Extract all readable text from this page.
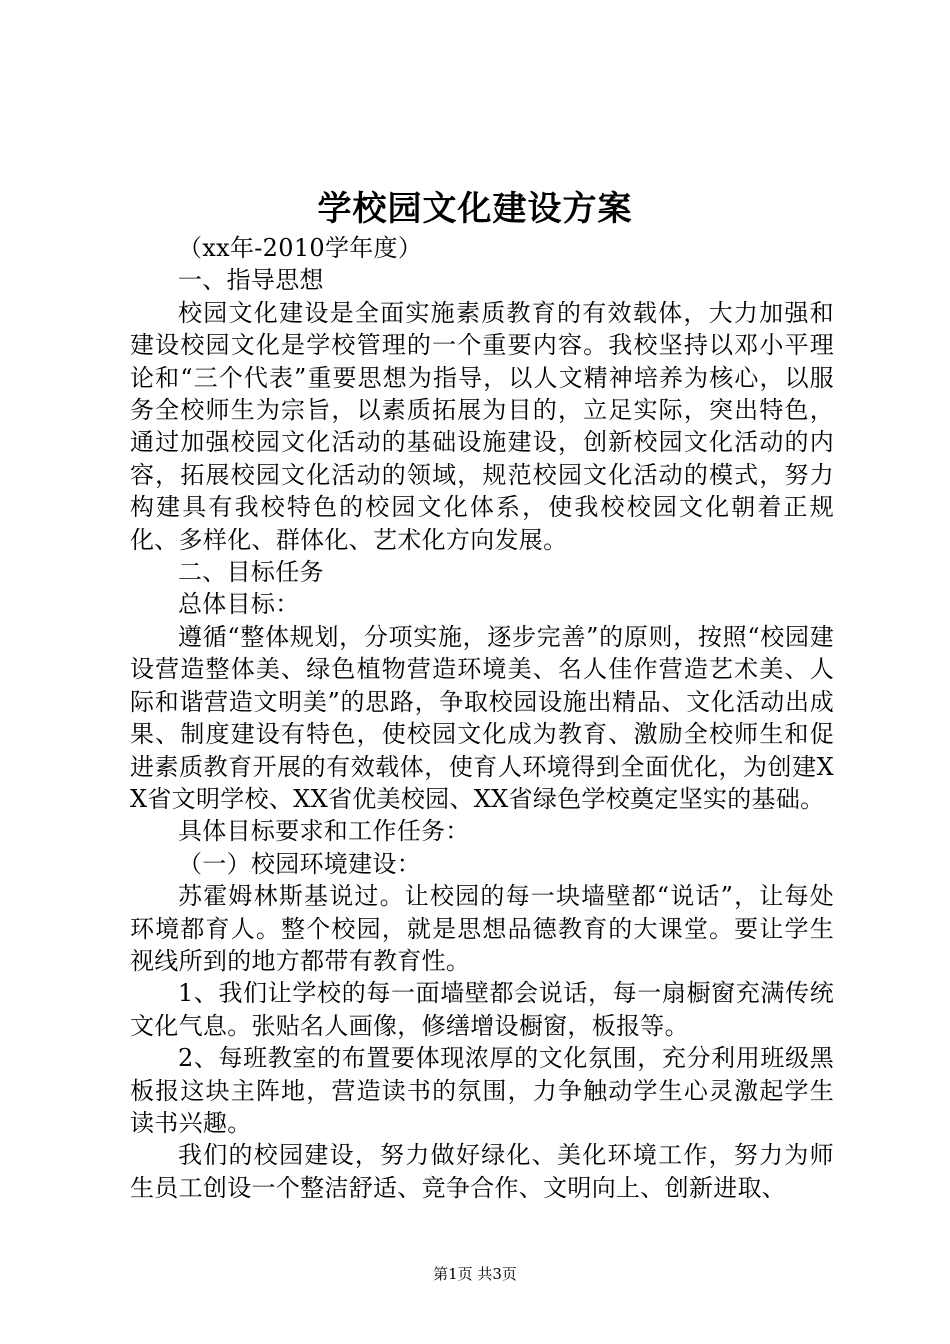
学校园文化建设方案

（xx年-2010学年度）

一、指导思想

校园文化建设是全面实施素质教育的有效载体，大力加强和建设校园文化是学校管理的一个重要内容。我校坚持以邓小平理论和“三个代表”重要思想为指导，以人文精神培养为核心，以服务全校师生为宗旨，以素质拓展为目的，立足实际，突出特色，通过加强校园文化活动的基础设施建设，创新校园文化活动的内容，拓展校园文化活动的领域，规范校园文化活动的模式，努力构建具有我校特色的校园文化体系，使我校校园文化朝着正规化、多样化、群体化、艺术化方向发展。

二、目标任务

总体目标：

遵循“整体规划，分项实施，逐步完善”的原则，按照“校园建设营造整体美、绿色植物营造环境美、名人佳作营造艺术美、人际和谐营造文明美”的思路，争取校园设施出精品、文化活动出成果、制度建设有特色，使校园文化成为教育、激励全校师生和促进素质教育开展的有效载体，使育人环境得到全面优化，为创建XX省文明学校、XX省优美校园、XX省绿色学校奠定坚实的基础。

具体目标要求和工作任务：

（一）校园环境建设：

苏霍姆林斯基说过。让校园的每一块墙壁都“说话”，让每处环境都育人。整个校园，就是思想品德教育的大课堂。要让学生视线所到的地方都带有教育性。

1、我们让学校的每一面墙壁都会说话，每一扇橱窗充满传统文化气息。张贴名人画像，修缮增设橱窗，板报等。

2、每班教室的布置要体现浓厚的文化氛围，充分利用班级黑板报这块主阵地，营造读书的氛围，力争触动学生心灵激起学生读书兴趣。

我们的校园建设，努力做好绿化、美化环境工作，努力为师生员工创设一个整洁舒适、竞争合作、文明向上、创新进取、

第1页 共3页
